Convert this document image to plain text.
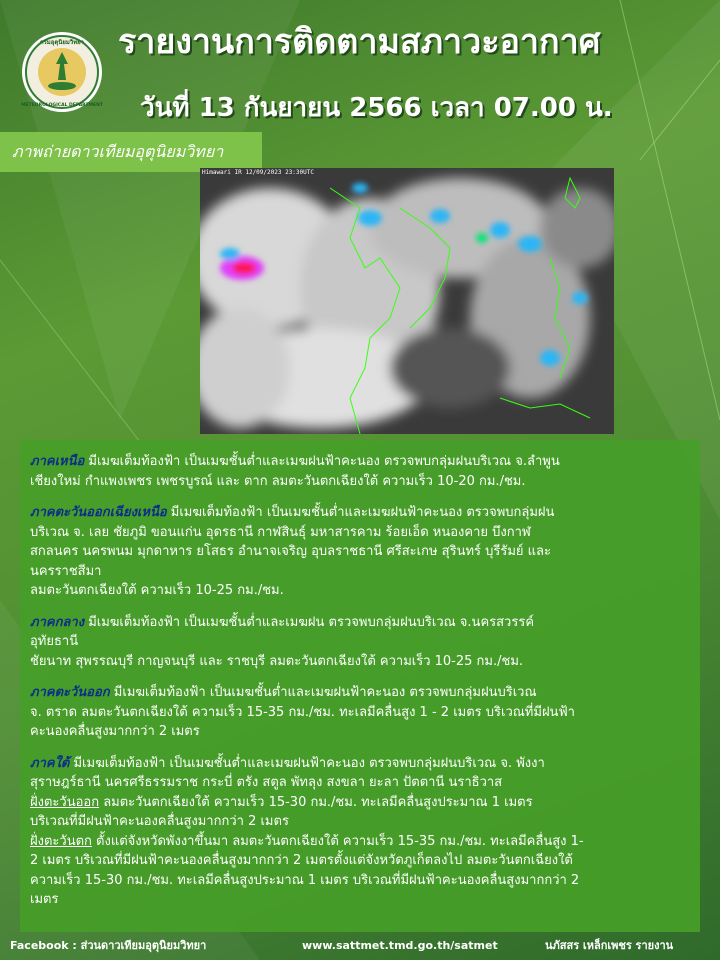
กรมอุตุนิยมวิทยา
METEOROLOGICAL DEPARTMENT
รายงานการติดตามสภาวะอากาศ
วันที่ 13 กันยายน 2566 เวลา 07.00 น.
ภาพถ่ายดาวเทียมอุตุนิยมวิทยา
Himawari IR 12/09/2023 23:30UTC
ภาคเหนือ มีเมฆเต็มท้องฟ้า เป็นเมฆชั้นต่ำและเมฆฝนฟ้าคะนอง ตรวจพบกลุ่มฝนบริเวณ จ.ลำพูน
เชียงใหม่ กำแพงเพชร เพชรบูรณ์ และ ตาก ลมตะวันตกเฉียงใต้ ความเร็ว 10-20 กม./ชม.
ภาคตะวันออกเฉียงเหนือ มีเมฆเต็มท้องฟ้า เป็นเมฆชั้นต่ำและเมฆฝนฟ้าคะนอง ตรวจพบกลุ่มฝน
บริเวณ จ. เลย ชัยภูมิ ขอนแก่น อุดรธานี กาฬสินธุ์ มหาสารคาม ร้อยเอ็ด หนองคาย บึงกาฬ
สกลนคร นครพนม มุกดาหาร ยโสธร อำนาจเจริญ อุบลราชธานี ศรีสะเกษ สุรินทร์ บุรีรัมย์ และ
นครราชสีมา
ลมตะวันตกเฉียงใต้ ความเร็ว 10-25 กม./ชม.
ภาคกลาง มีเมฆเต็มท้องฟ้า เป็นเมฆชั้นต่ำและเมฆฝน ตรวจพบกลุ่มฝนบริเวณ จ.นครสวรรค์
อุทัยธานี
ชัยนาท สุพรรณบุรี กาญจนบุรี และ ราชบุรี ลมตะวันตกเฉียงใต้ ความเร็ว 10-25 กม./ชม.
ภาคตะวันออก มีเมฆเต็มท้องฟ้า เป็นเมฆชั้นต่ำและเมฆฝนฟ้าคะนอง ตรวจพบกลุ่มฝนบริเวณ
จ. ตราด ลมตะวันตกเฉียงใต้ ความเร็ว 15-35 กม./ชม. ทะเลมีคลื่นสูง 1 - 2 เมตร บริเวณที่มีฝนฟ้า
คะนองคลื่นสูงมากกว่า 2 เมตร
ภาคใต้ มีเมฆเต็มท้องฟ้า เป็นเมฆชั้นต่ำและเมฆฝนฟ้าคะนอง ตรวจพบกลุ่มฝนบริเวณ จ. พังงา
สุราษฎร์ธานี นครศรีธรรมราช กระบี่ ตรัง สตูล พัทลุง สงขลา ยะลา ปัตตานี นราธิวาส
ฝั่งตะวันออก ลมตะวันตกเฉียงใต้ ความเร็ว 15-30 กม./ชม. ทะเลมีคลื่นสูงประมาณ 1 เมตร
บริเวณที่มีฝนฟ้าคะนองคลื่นสูงมากกว่า 2 เมตร
ฝั่งตะวันตก ตั้งแต่จังหวัดพังงาขึ้นมา ลมตะวันตกเฉียงใต้ ความเร็ว 15-35 กม./ชม. ทะเลมีคลื่นสูง 1-
2 เมตร บริเวณที่มีฝนฟ้าคะนองคลื่นสูงมากกว่า 2 เมตรตั้งแต่จังหวัดภูเก็ตลงไป ลมตะวันตกเฉียงใต้
ความเร็ว 15-30 กม./ชม. ทะเลมีคลื่นสูงประมาณ 1 เมตร บริเวณที่มีฝนฟ้าคะนองคลื่นสูงมากกว่า 2
เมตร
Facebook : ส่วนดาวเทียมอุตุนิยมวิทยา	www.sattmet.tmd.go.th/satmet	นภัสสร เหล็กเพชร รายงาน
